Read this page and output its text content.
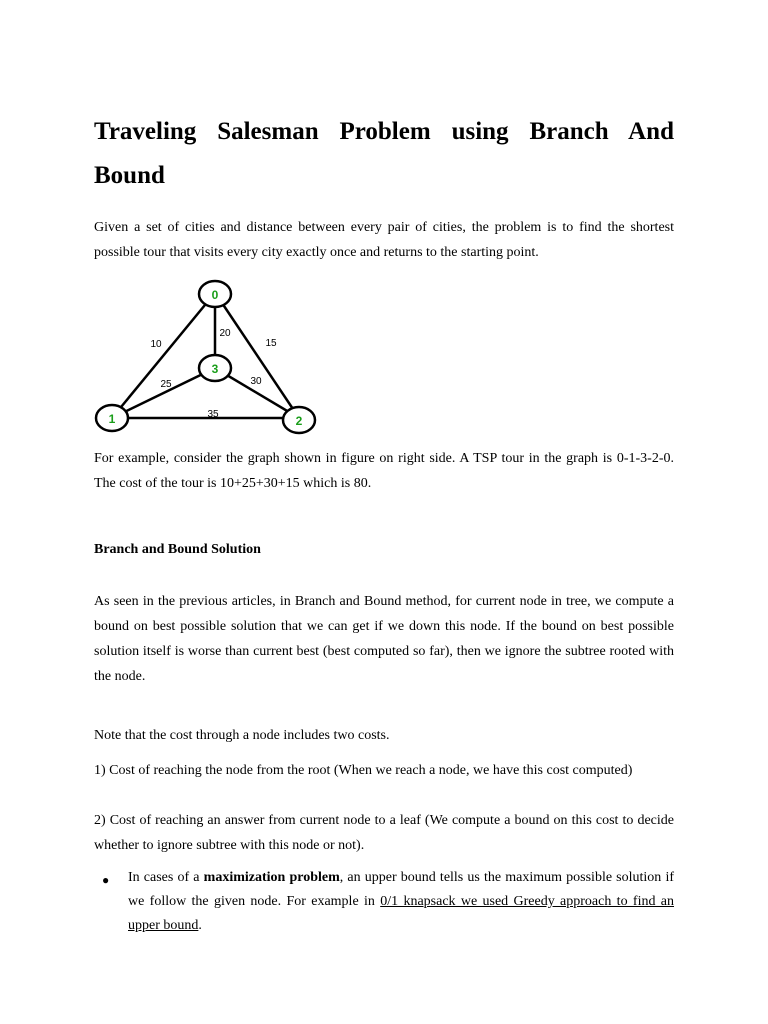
Traveling Salesman Problem using Branch And Bound

Given a set of cities and distance between every pair of cities, the problem is to find the shortest possible tour that visits every city exactly once and returns to the starting point.

0
3
1	2
10
20
15
25	30
35

For example, consider the graph shown in figure on right side. A TSP tour in the graph is 0-1-3-2-0. The cost of the tour is 10+25+30+15 which is 80.

Branch and Bound Solution

As seen in the previous articles, in Branch and Bound method, for current node in tree, we compute a bound on best possible solution that we can get if we down this node. If the bound on best possible solution itself is worse than current best (best computed so far), then we ignore the subtree rooted with the node.

Note that the cost through a node includes two costs.

1) Cost of reaching the node from the root (When we reach a node, we have this cost computed)

2) Cost of reaching an answer from current node to a leaf (We compute a bound on this cost to decide whether to ignore subtree with this node or not).

● In cases of a maximization problem, an upper bound tells us the maximum possible solution if we follow the given node. For example in 0/1 knapsack we used Greedy approach to find an upper bound.
